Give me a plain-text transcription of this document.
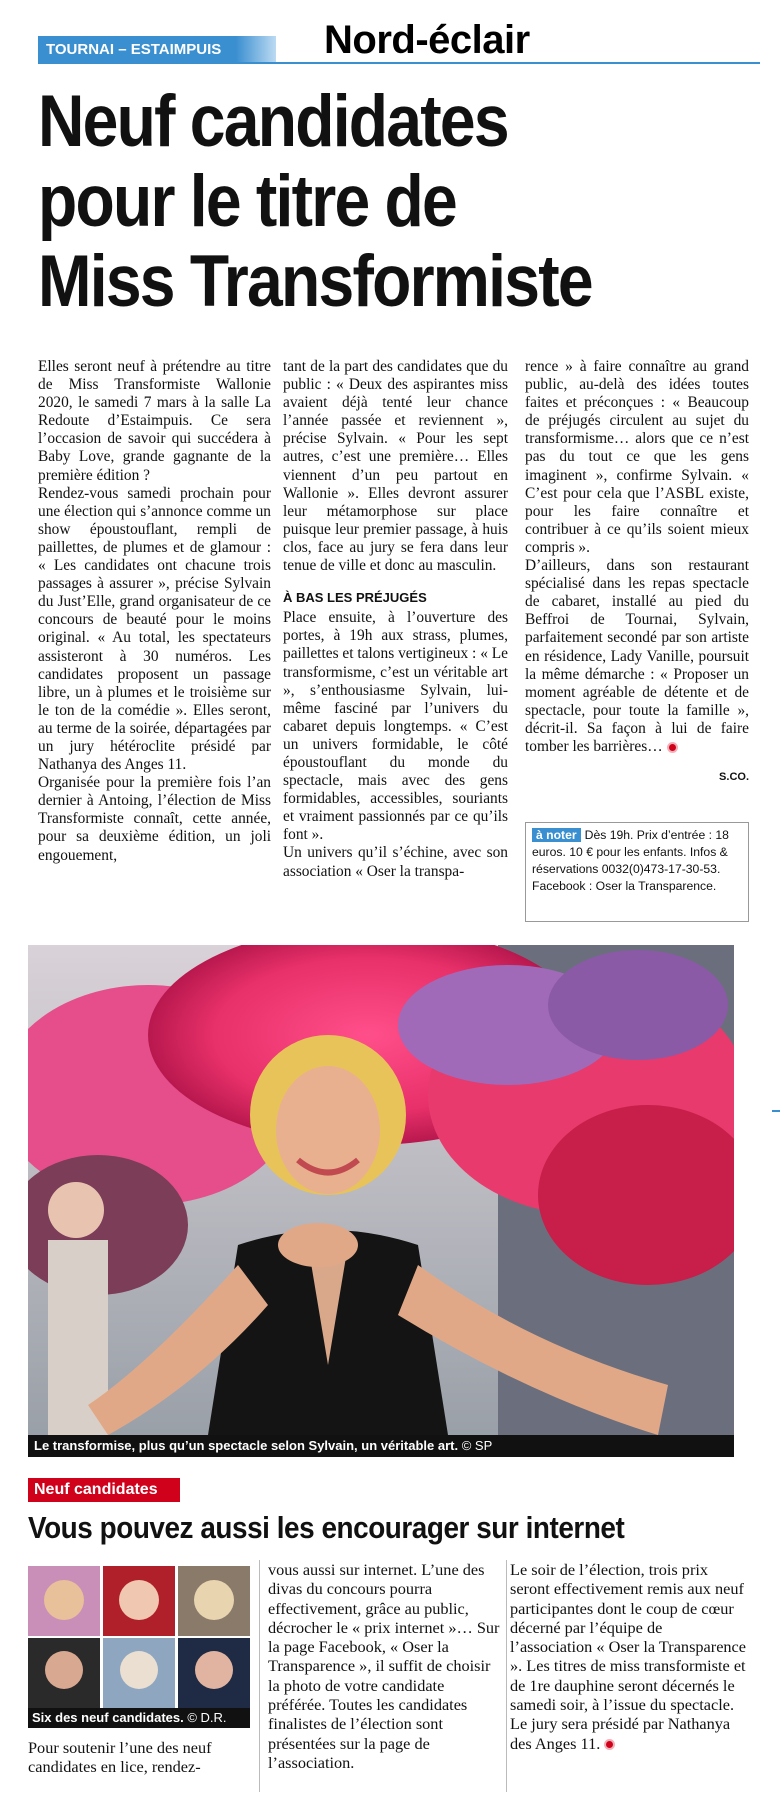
TOURNAI – ESTAIMPUIS	Nord-éclair
Neuf candidates
pour le titre de
Miss Transformiste

Elles seront neuf à prétendre au titre de Miss Transformiste Wallonie 2020, le samedi 7 mars à la salle La Redoute d’Estaimpuis. Ce sera l’occasion de savoir qui succédera à Baby Love, grande gagnante de la première édition ?

Rendez-vous samedi prochain pour une élection qui s’annonce comme un show époustouflant, rempli de paillettes, de plumes et de glamour : « Les candidates ont chacune trois passages à assurer », précise Sylvain du Just’Elle, grand organisateur de ce concours de beauté pour le moins original. « Au total, les spectateurs assisteront à 30 numéros. Les candidates proposent un passage libre, un à plumes et le troisième sur le ton de la comédie ». Elles seront, au terme de la soirée, départagées par un jury hétéroclite présidé par Nathanya des Anges 11.

Organisée pour la première fois l’an dernier à Antoing, l’élection de Miss Transformiste connaît, cette année, pour sa deuxième édition, un joli engouement,

tant de la part des candidates que du public : « Deux des aspirantes miss avaient déjà tenté leur chance l’année passée et reviennent », précise Sylvain. « Pour les sept autres, c’est une première… Elles viennent d’un peu partout en Wallonie ». Elles devront assurer leur métamorphose sur place puisque leur premier passage, à huis clos, face au jury se fera dans leur tenue de ville et donc au masculin.

À BAS LES PRÉJUGÉS

Place ensuite, à l’ouverture des portes, à 19h aux strass, plumes, paillettes et talons vertigineux : « Le transformisme, c’est un véritable art », s’enthousiasme Sylvain, lui-même fasciné par l’univers du cabaret depuis longtemps. « C’est un univers formidable, le côté époustouflant du monde du spectacle, mais avec des gens formidables, accessibles, souriants et vraiment passionnés par ce qu’ils font ».

Un univers qu’il s’échine, avec son association « Oser la transpa-

rence » à faire connaître au grand public, au-delà des idées toutes faites et préconçues : « Beaucoup de préjugés circulent au sujet du transformisme… alors que ce n’est pas du tout ce que les gens imaginent », confirme Sylvain. « C’est pour cela que l’ASBL existe, pour les faire connaître et contribuer à ce qu’ils soient mieux compris ».

D’ailleurs, dans son restaurant spécialisé dans les repas spectacle de cabaret, installé au pied du Beffroi de Tournai, Sylvain, parfaitement secondé par son artiste en résidence, Lady Vanille, poursuit la même démarche : « Proposer un moment agréable de détente et de spectacle, pour toute la famille », décrit-il. Sa façon à lui de faire tomber les barrières…

S.CO.
à noter Dès 19h. Prix d’entrée : 18 euros. 10 € pour les enfants. Infos & réservations 0032(0)473-17-30-53. Facebook : Oser la Transparence.
Le transformise, plus qu’un spectacle selon Sylvain, un véritable art. © SP
Neuf candidates
Vous pouvez aussi les encourager sur internet
Six des neuf candidates. © D.R.
Pour soutenir l’une des neuf candidates en lice, rendez-
vous aussi sur internet. L’une des divas du concours pourra effectivement, grâce au public, décrocher le « prix internet »… Sur la page Facebook, « Oser la Transparence », il suffit de choisir la photo de votre candidate préférée. Toutes les candidates finalistes de l’élection sont présentées sur la page de l’association.
Le soir de l’élection, trois prix seront effectivement remis aux neuf participantes dont le coup de cœur décerné par l’équipe de l’association « Oser la Transparence ». Les titres de miss transformiste et de 1re dauphine seront décernés le samedi soir, à l’issue du spectacle. Le jury sera présidé par Nathanya des Anges 11.
